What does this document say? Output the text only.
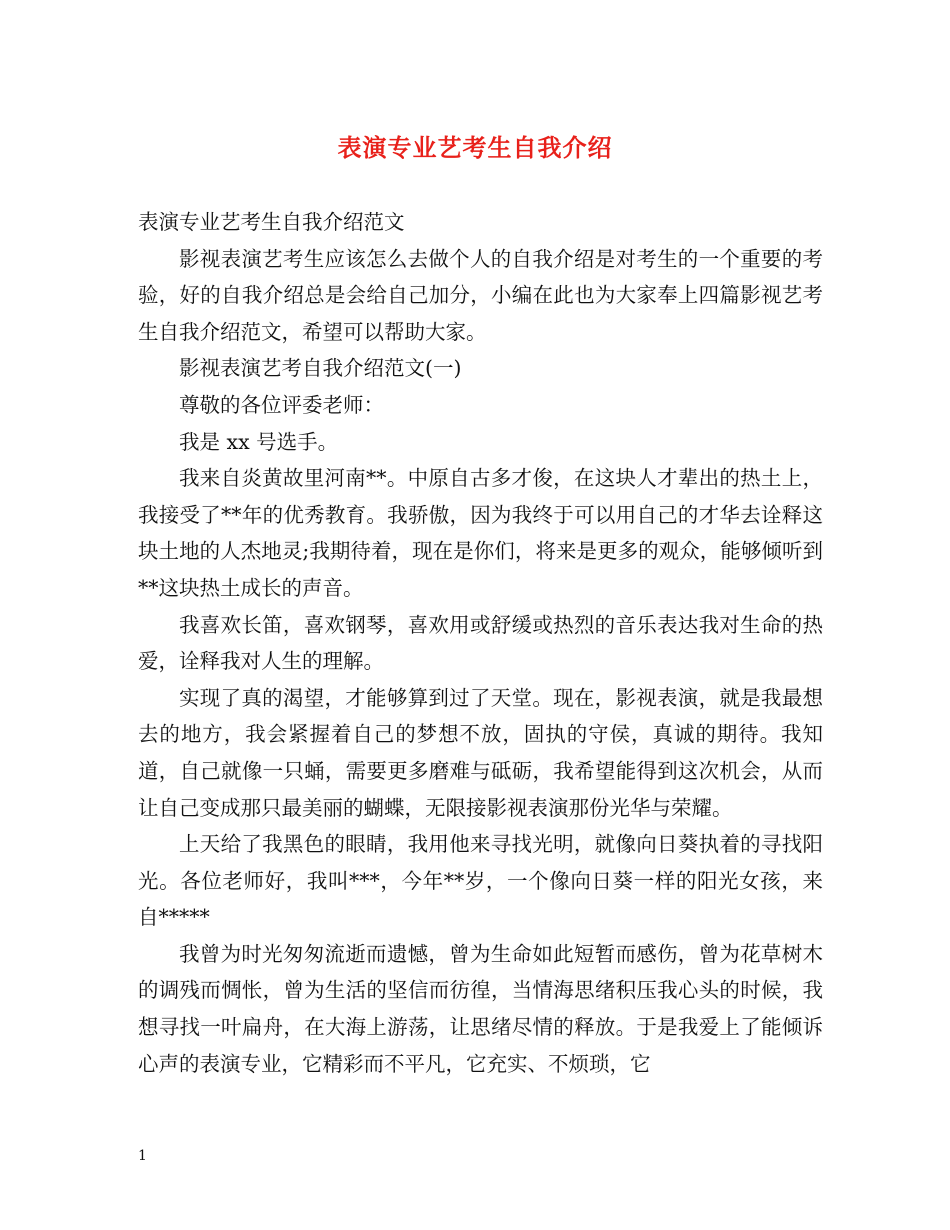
表演专业艺考生自我介绍

表演专业艺考生自我介绍范文

影视表演艺考生应该怎么去做个人的自我介绍是对考生的一个重要的考验，好的自我介绍总是会给自己加分，小编在此也为大家奉上四篇影视艺考生自我介绍范文，希望可以帮助大家。

影视表演艺考自我介绍范文(一)

尊敬的各位评委老师：

我是 xx 号选手。

我来自炎黄故里河南**。中原自古多才俊，在这块人才辈出的热土上，我接受了**年的优秀教育。我骄傲，因为我终于可以用自己的才华去诠释这块土地的人杰地灵;我期待着，现在是你们，将来是更多的观众，能够倾听到**这块热土成长的声音。

我喜欢长笛，喜欢钢琴，喜欢用或舒缓或热烈的音乐表达我对生命的热爱，诠释我对人生的理解。

实现了真的渴望，才能够算到过了天堂。现在，影视表演，就是我最想去的地方，我会紧握着自己的梦想不放，固执的守侯，真诚的期待。我知道，自己就像一只蛹，需要更多磨难与砥砺，我希望能得到这次机会，从而让自己变成那只最美丽的蝴蝶，无限接影视表演那份光华与荣耀。

上天给了我黑色的眼睛，我用他来寻找光明，就像向日葵执着的寻找阳光。各位老师好，我叫***，今年**岁，一个像向日葵一样的阳光女孩，来自*****

我曾为时光匆匆流逝而遗憾，曾为生命如此短暂而感伤，曾为花草树木的调残而惆怅，曾为生活的坚信而彷徨，当情海思绪积压我心头的时候，我想寻找一叶扁舟，在大海上游荡，让思绪尽情的释放。于是我爱上了能倾诉心声的表演专业，它精彩而不平凡，它充实、不烦琐，它

1
